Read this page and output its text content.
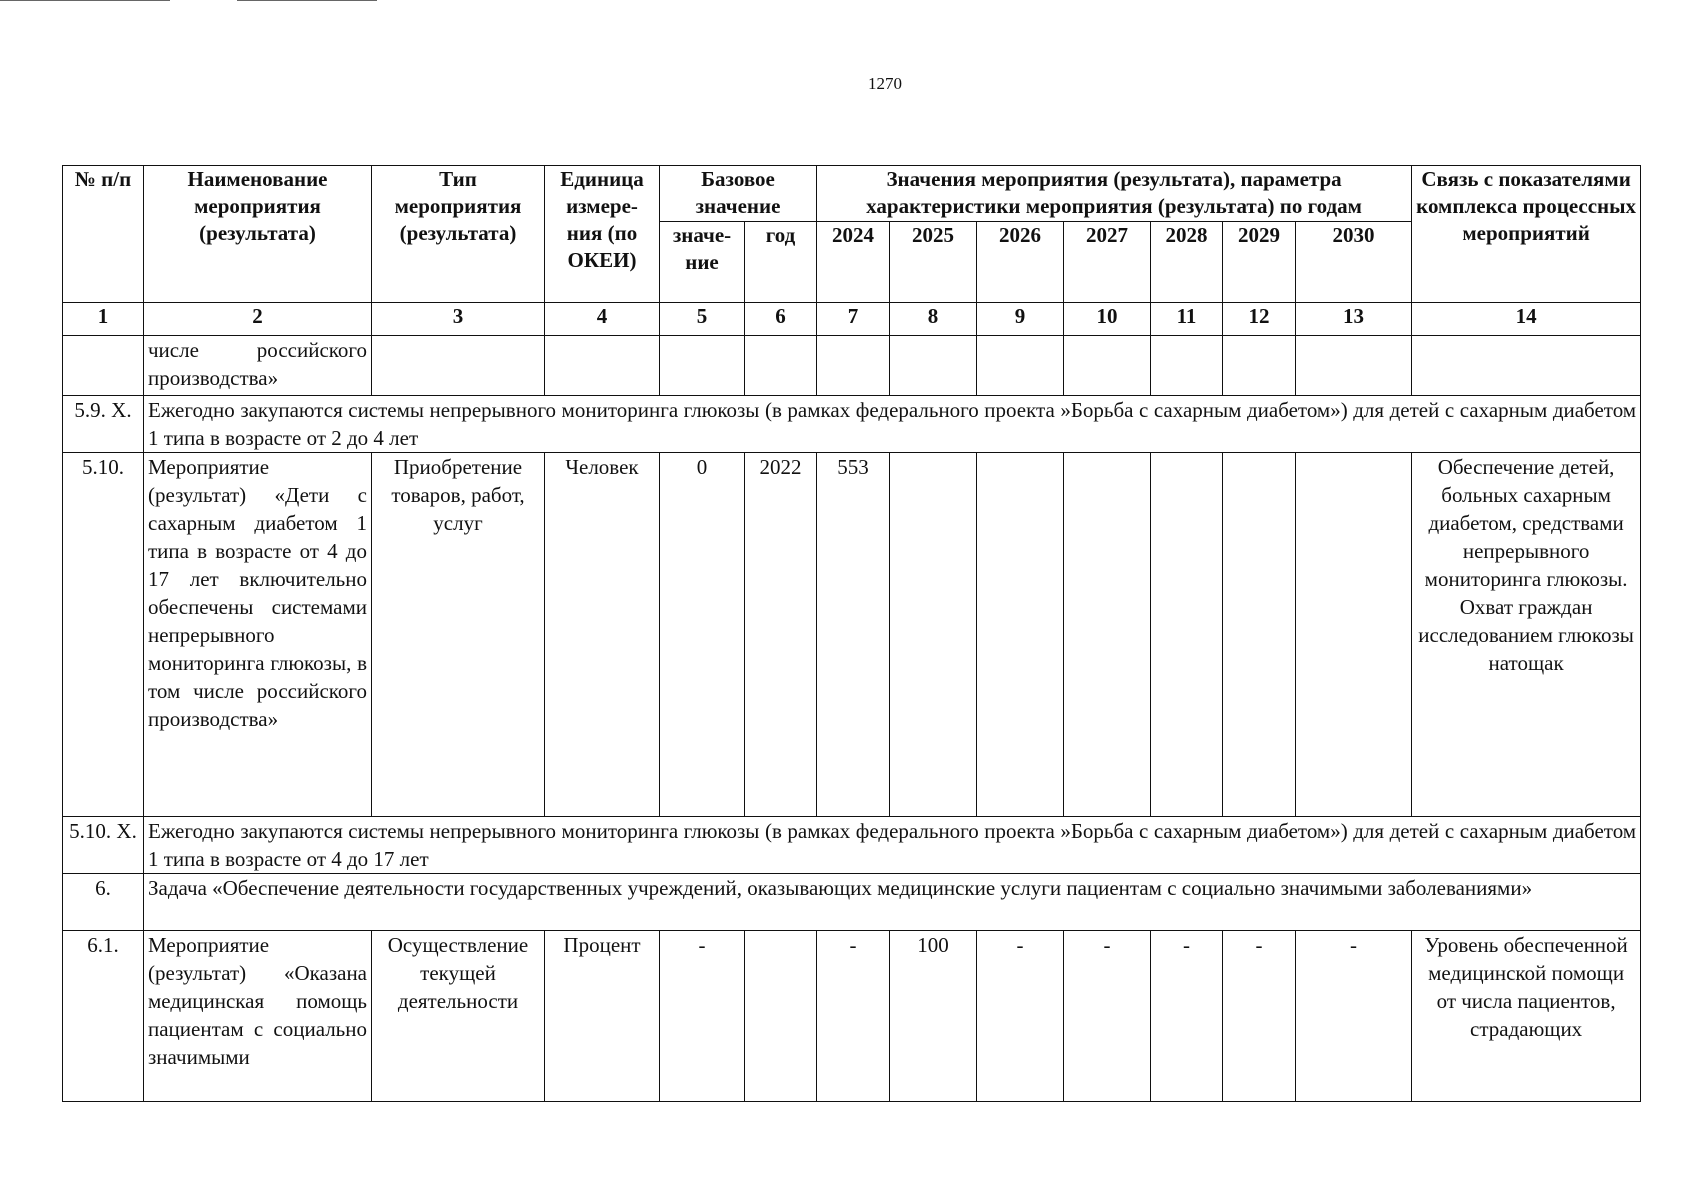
1270
№ п/п	Наименование мероприятия (результата)	Тип мероприятия (результата)	Единица измере-ния (по ОКЕИ)	Базовое значение		Значения мероприятия (результата), параметра характеристики мероприятия (результата) по годам							Связь с показателями комплекса процессных мероприятий
				значе-ние	год	2024	2025	2026	2027	2028	2029	2030	
1	2	3	4	5	6	7	8	9	10	11	12	13	14
	числе российского производства»												
5.9. X.	Ежегодно закупаются системы непрерывного мониторинга глюкозы (в рамках федерального проекта »Борьба с сахарным диабетом») для детей с сахарным диабетом 1 типа в возрасте от 2 до 4 лет												
5.10.	Мероприятие (результат) «Дети с сахарным диабетом 1 типа в возрасте от 4 до 17 лет включительно обеспечены системами непрерывного мониторинга глюкозы, в том числе российского производства»	Приобретение товаров, работ, услуг	Человек	0	2022	553							Обеспечение детей, больных сахарным диабетом, средствами непрерывного мониторинга глюкозы. Охват граждан исследованием глюкозы натощак
5.10. X.	Ежегодно закупаются системы непрерывного мониторинга глюкозы (в рамках федерального проекта »Борьба с сахарным диабетом») для детей с сахарным диабетом 1 типа в возрасте от 4 до 17 лет												
6.	Задача «Обеспечение деятельности государственных учреждений, оказывающих медицинские услуги пациентам с социально значимыми заболеваниями»												
6.1.	Мероприятие (результат) «Оказана медицинская помощь пациентам с социально значимыми	Осуществление текущей деятельности	Процент	-		-	100	-	-	-	-	-	Уровень обеспеченной медицинской помощи от числа пациентов, страдающих
